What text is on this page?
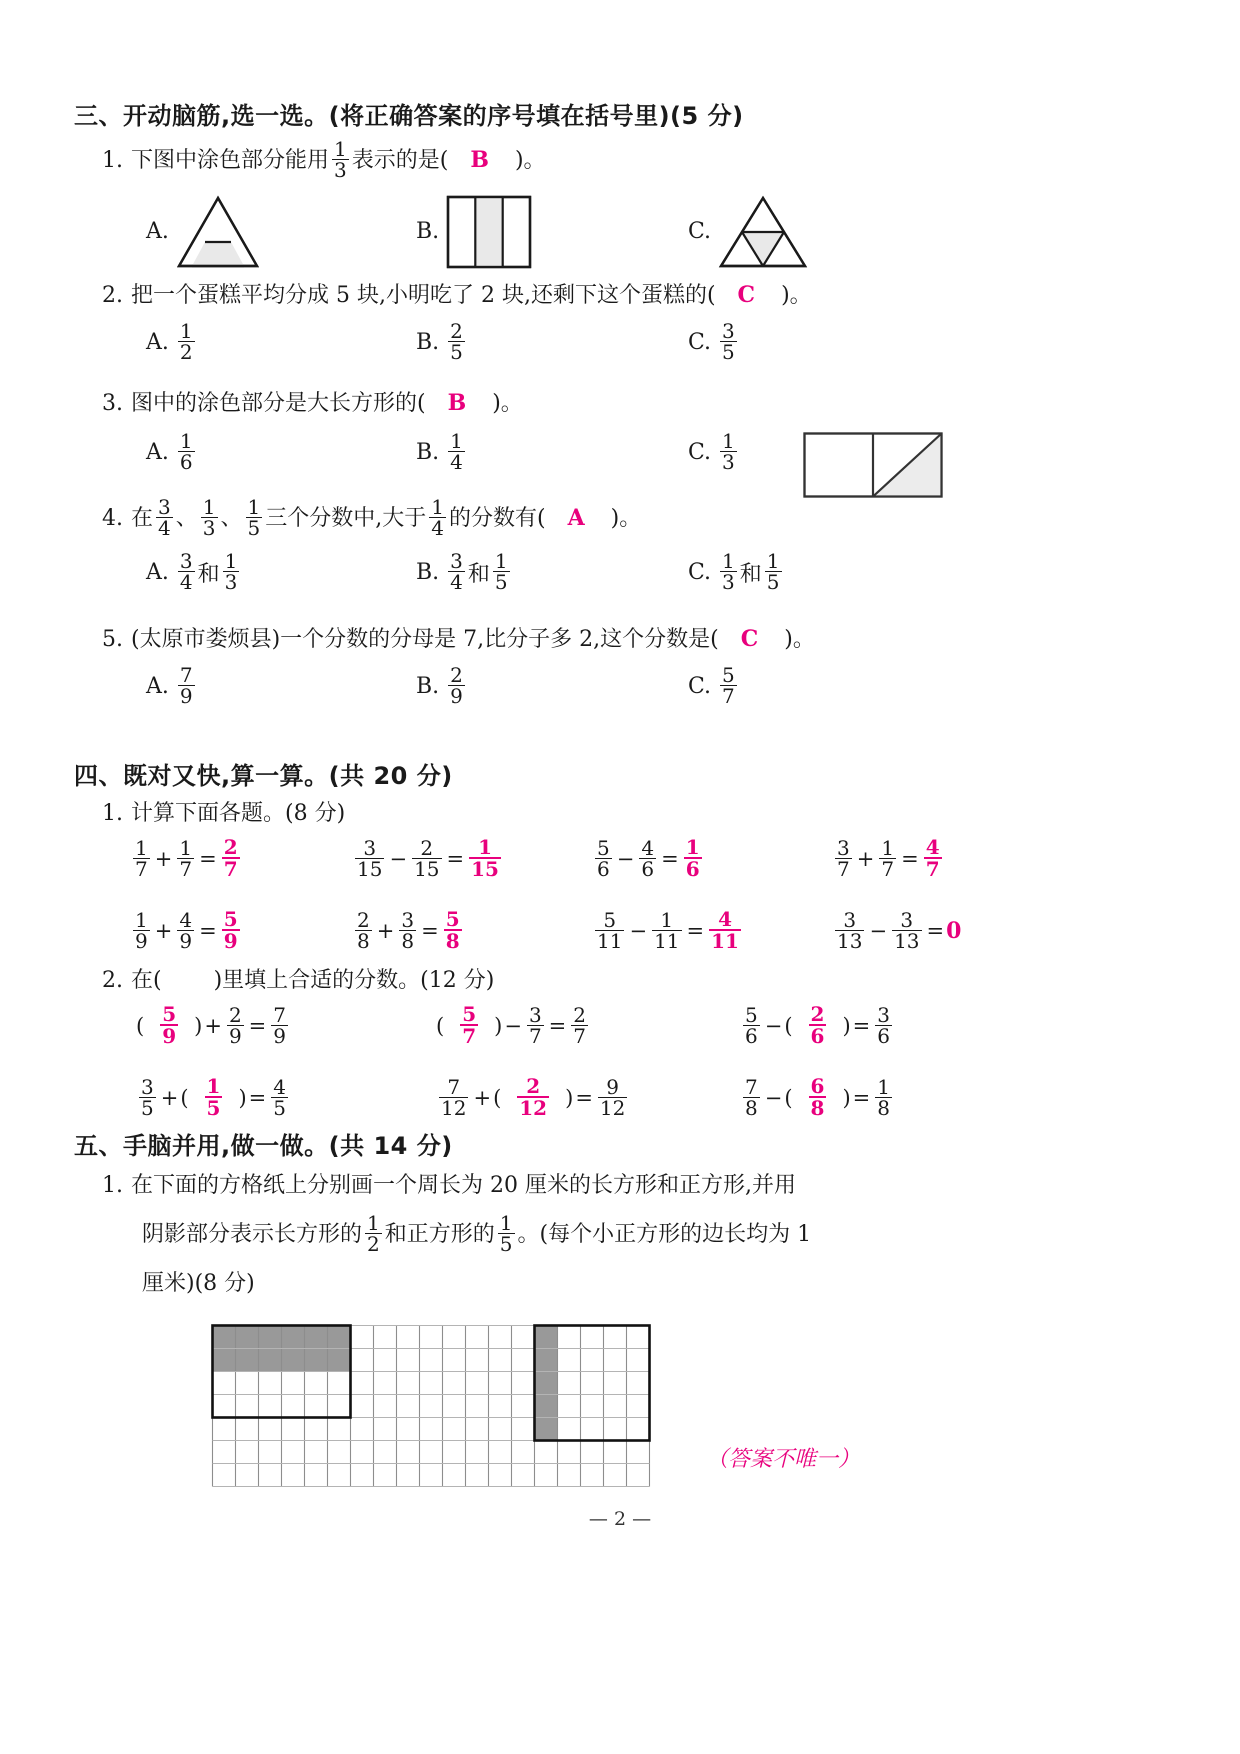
三、开动脑筋,选一选。(将正确答案的序号填在括号里)(5 分)
1. 下图中涂色部分能用 $\frac{1}{3}$ 表示的是( B )。
A.	B.	C.
2. 把一个蛋糕平均分成 5 块,小明吃了 2 块,还剩下这个蛋糕的( C )。
A. $\frac{1}{2}$	B. $\frac{2}{5}$	C. $\frac{3}{5}$
3. 图中的涂色部分是大长方形的( B )。
A. $\frac{1}{6}$	B. $\frac{1}{4}$	C. $\frac{1}{3}$
4. 在 $\frac{3}{4}$ 、 $\frac{1}{3}$ 、 $\frac{1}{5}$ 三个分数中,大于 $\frac{1}{4}$ 的分数有( A )。
A. $\frac{3}{4}$ 和 $\frac{1}{3}$	B. $\frac{3}{4}$ 和 $\frac{1}{5}$	C. $\frac{1}{3}$ 和 $\frac{1}{5}$
5. (太原市娄烦县)一个分数的分母是 7,比分子多 2,这个分数是( C )。
A. $\frac{7}{9}$	B. $\frac{2}{9}$	C. $\frac{5}{7}$
四、既对又快,算一算。(共 20 分)
1. 计算下面各题。(8 分)
$\frac{1}{7} + \frac{1}{7} = \frac{2}{7}$	$\frac{3}{15} - \frac{2}{15} = \frac{1}{15}$	$\frac{5}{6} - \frac{4}{6} = \frac{1}{6}$	$\frac{3}{7} + \frac{1}{7} = \frac{4}{7}$
$\frac{1}{9} + \frac{4}{9} = \frac{5}{9}$	$\frac{2}{8} + \frac{3}{8} = \frac{5}{8}$	$\frac{5}{11} - \frac{1}{11} = \frac{4}{11}$	$\frac{3}{13} - \frac{3}{13} = 0$
2. 在( )里填上合适的分数。(12 分)
( $\frac{5}{9}$ ) + $\frac{2}{9} = \frac{7}{9}$	( $\frac{5}{7}$ ) − $\frac{3}{7} = \frac{2}{7}$	$\frac{5}{6}$ − ( $\frac{2}{6}$ ) = $\frac{3}{6}$
$\frac{3}{5}$ + ( $\frac{1}{5}$ ) = $\frac{4}{5}$	$\frac{7}{12}$ + ( $\frac{2}{12}$ ) = $\frac{9}{12}$	$\frac{7}{8}$ − ( $\frac{6}{8}$ ) = $\frac{1}{8}$
五、手脑并用,做一做。(共 14 分)
1. 在下面的方格纸上分别画一个周长为 20 厘米的长方形和正方形,并用
阴影部分表示长方形的 $\frac{1}{2}$ 和正方形的 $\frac{1}{5}$ 。(每个小正方形的边长均为 1
厘米)(8 分)
（答案不唯一）
— 2 —
